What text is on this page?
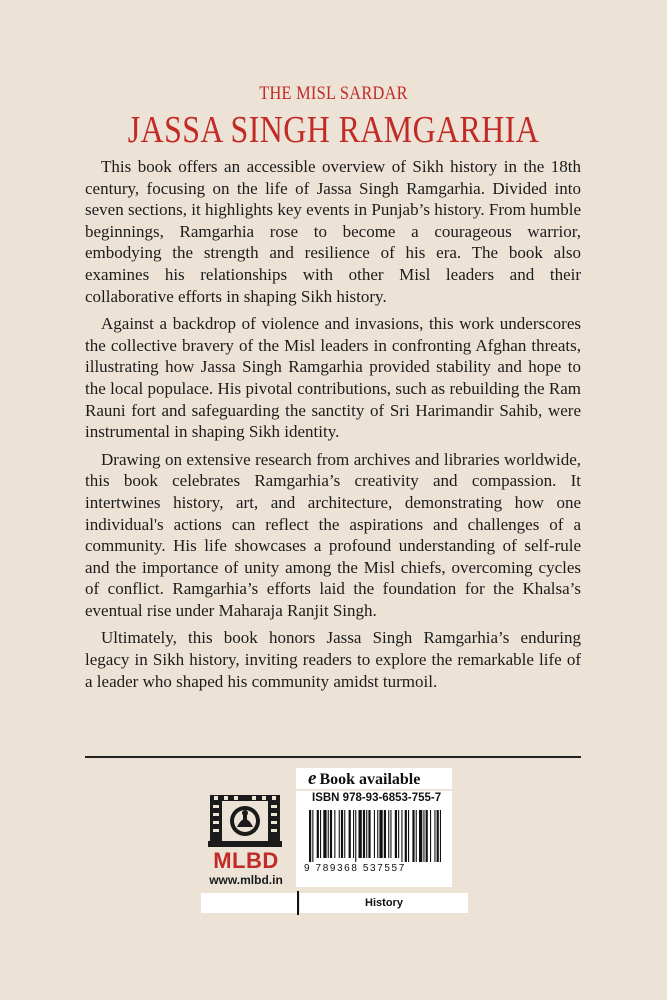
THE MISL SARDAR
JASSA SINGH RAMGARHIA

This book offers an accessible overview of Sikh history in the 18th century, focusing on the life of Jassa Singh Ramgarhia. Divided into seven sections, it highlights key events in Punjab’s history. From humble beginnings, Ramgarhia rose to become a courageous warrior, embodying the strength and resilience of his era. The book also examines his relationships with other Misl leaders and their collaborative efforts in shaping Sikh history.

Against a backdrop of violence and invasions, this work underscores the collective bravery of the Misl leaders in confronting Afghan threats, illustrating how Jassa Singh Ramgarhia provided stability and hope to the local populace. His pivotal contributions, such as rebuilding the Ram Rauni fort and safeguarding the sanctity of Sri Harimandir Sahib, were instrumental in shaping Sikh identity.

Drawing on extensive research from archives and libraries worldwide, this book celebrates Ramgarhia’s creativity and compassion. It intertwines history, art, and architecture, demonstrating how one individual's actions can reflect the aspirations and challenges of a community. His life showcases a profound understanding of self-rule and the importance of unity among the Misl chiefs, overcoming cycles of conflict. Ramgarhia’s efforts laid the foundation for the Khalsa’s eventual rise under Maharaja Ranjit Singh.

Ultimately, this book honors Jassa Singh Ramgarhia’s enduring legacy in Sikh history, inviting readers to explore the remarkable life of a leader who shaped his community amidst turmoil.

MLBD
www.mlbd.in
e Book available
ISBN 978-93-6853-755-7
9 789368 537557
History
